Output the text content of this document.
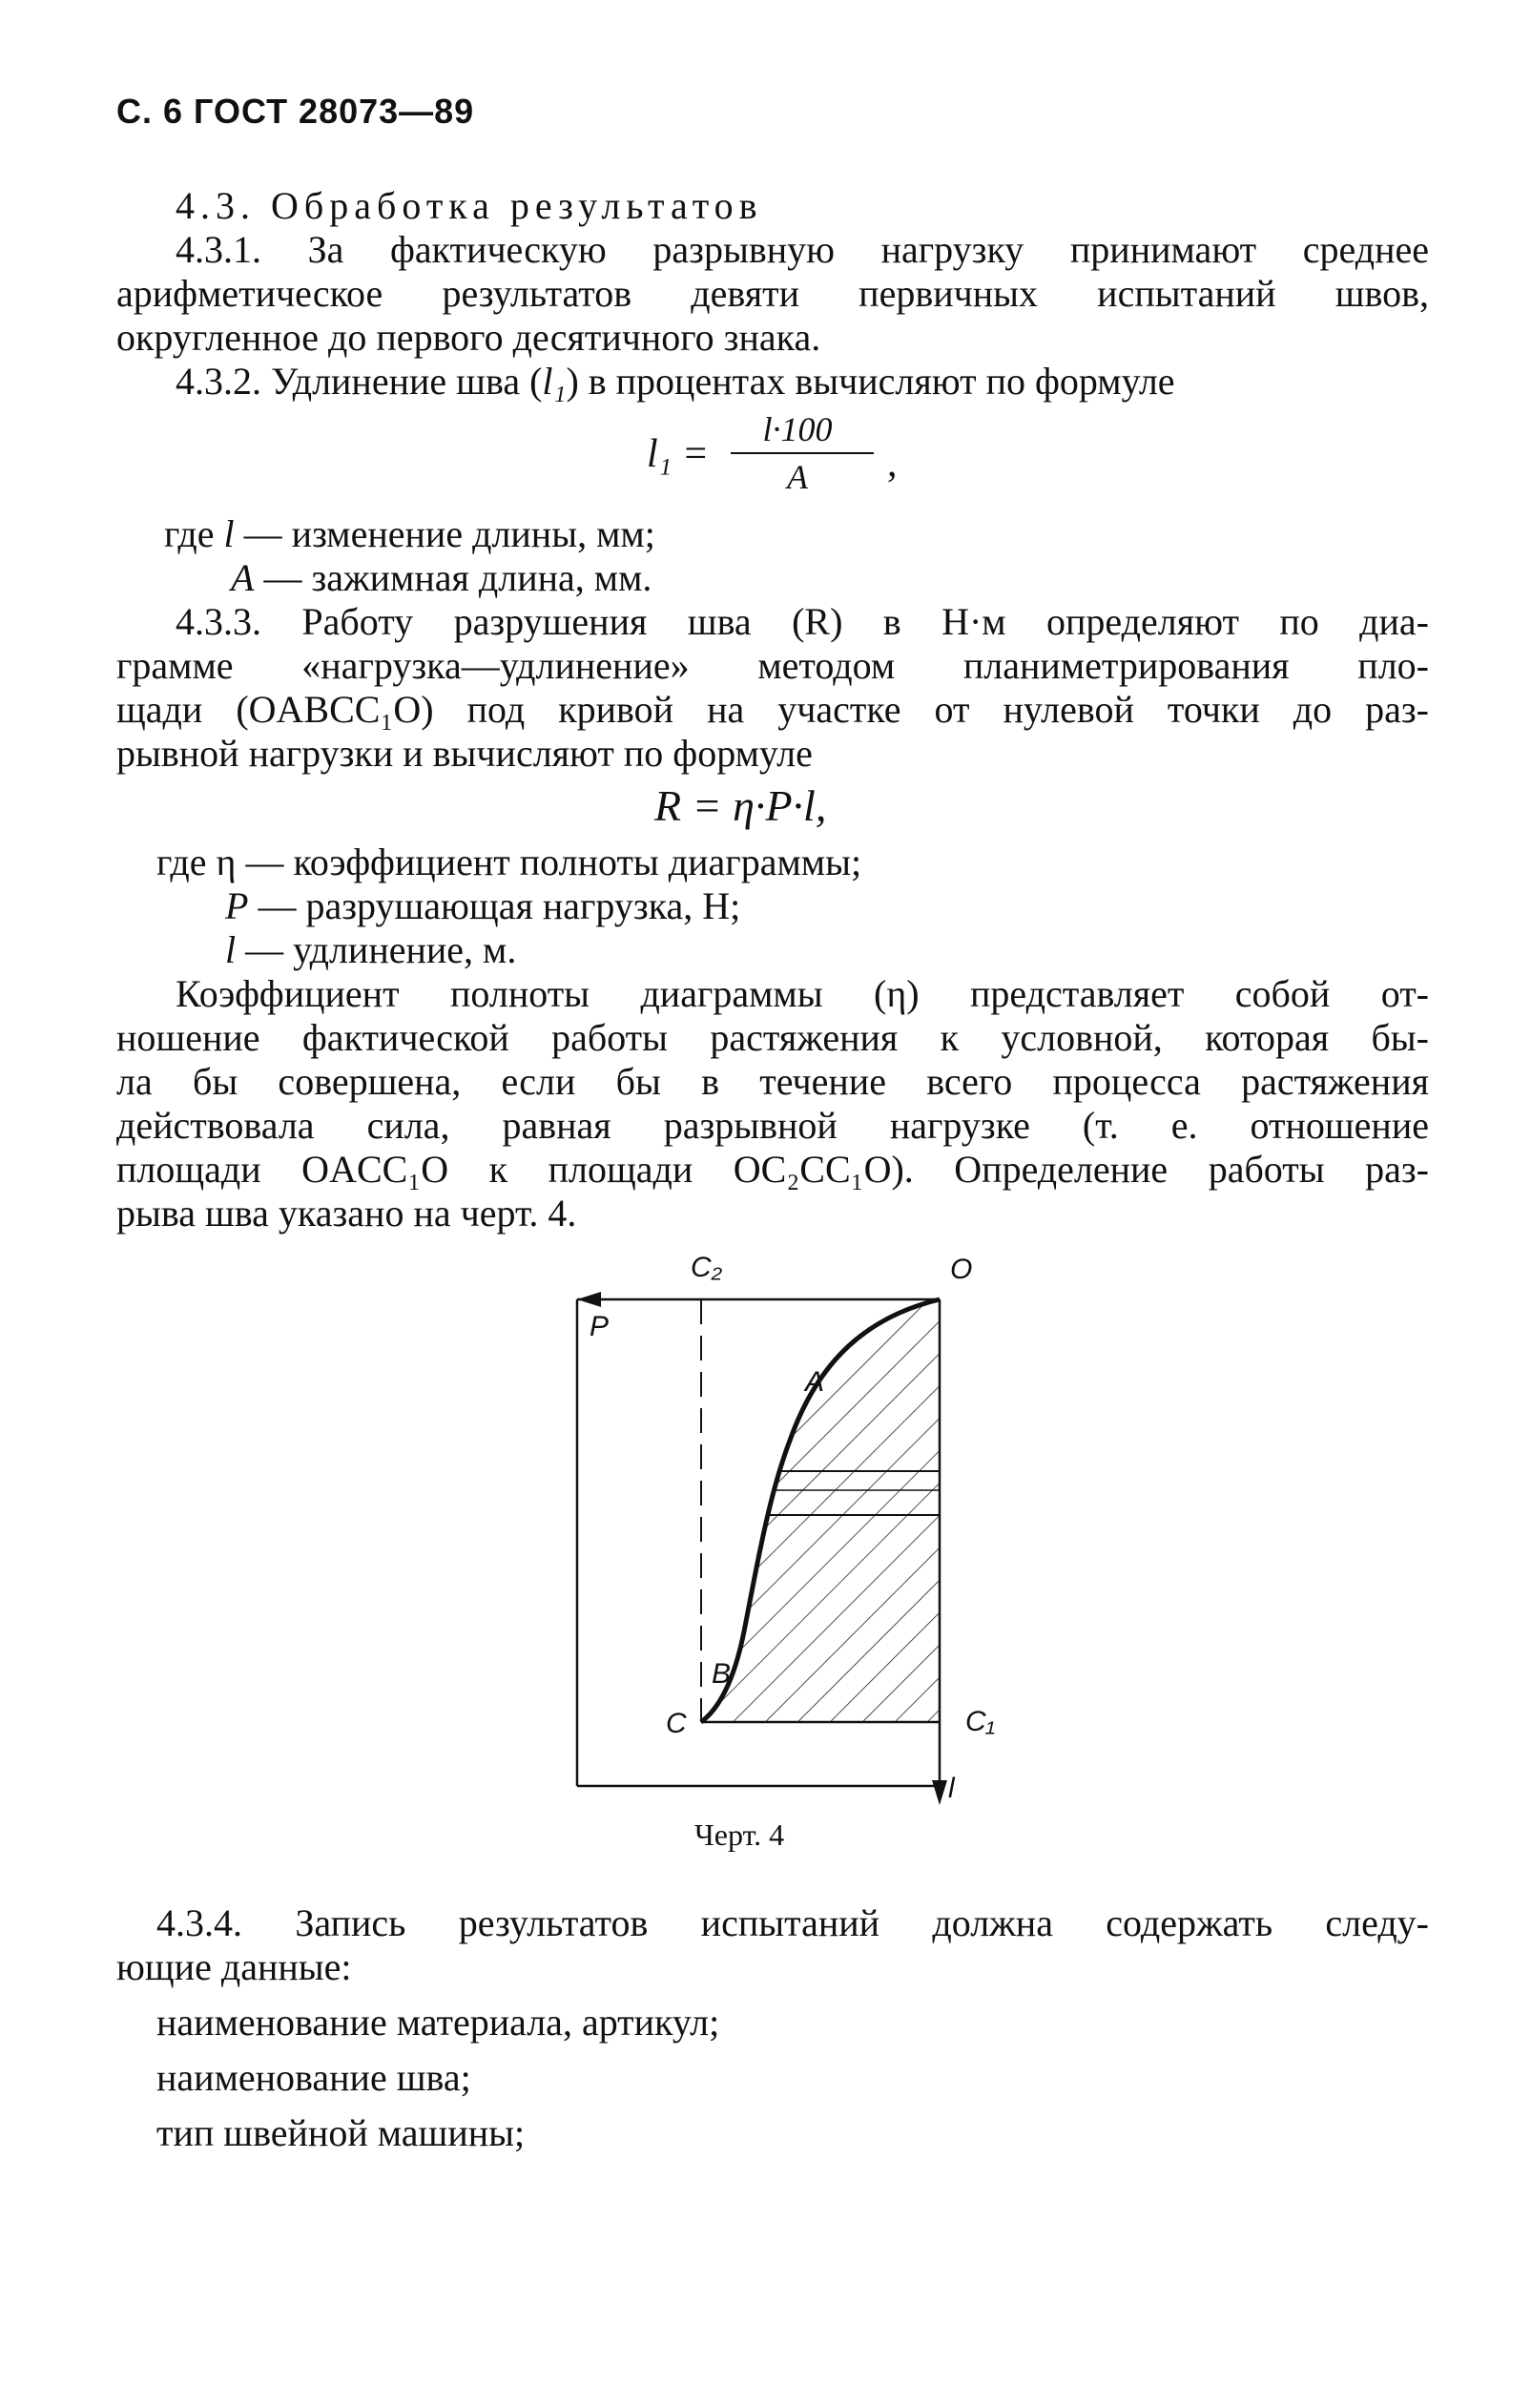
С. 6 ГОСТ 28073—89
4.3. Обработка результатов
4.3.1. За фактическую разрывную нагрузку принимают среднее
арифметическое результатов девяти первичных испытаний швов,
округленное до первого десятичного знака.
4.3.2. Удлинение шва (l₁) в процентах вычисляют по формуле
l₁ =
l·100
A	,
где l — изменение длины, мм;
A — зажимная длина, мм.
4.3.3. Работу разрушения шва (R) в Н·м определяют по диа-
грамме «нагрузка—удлинение» методом планиметрирования пло-
щади (OABCC₁O) под кривой на участке от нулевой точки до раз-
рывной нагрузки и вычисляют по формуле
R = η·P·l,
где η — коэффициент полноты диаграммы;
P — разрушающая нагрузка, Н;
l — удлинение, м.
Коэффициент полноты диаграммы (η) представляет собой от-
ношение фактической работы растяжения к условной, которая бы-
ла бы совершена, если бы в течение всего процесса растяжения
действовала сила, равная разрывной нагрузке (т. е. отношение
площади OACC₁O к площади OC₂CC₁O). Определение работы раз-
рыва шва указано на черт. 4.
C₂	O
P
A
B
C	C₁
l
Черт. 4
4.3.4. Запись результатов испытаний должна содержать следу-
ющие данные:
наименование материала, артикул;
наименование шва;
тип швейной машины;
